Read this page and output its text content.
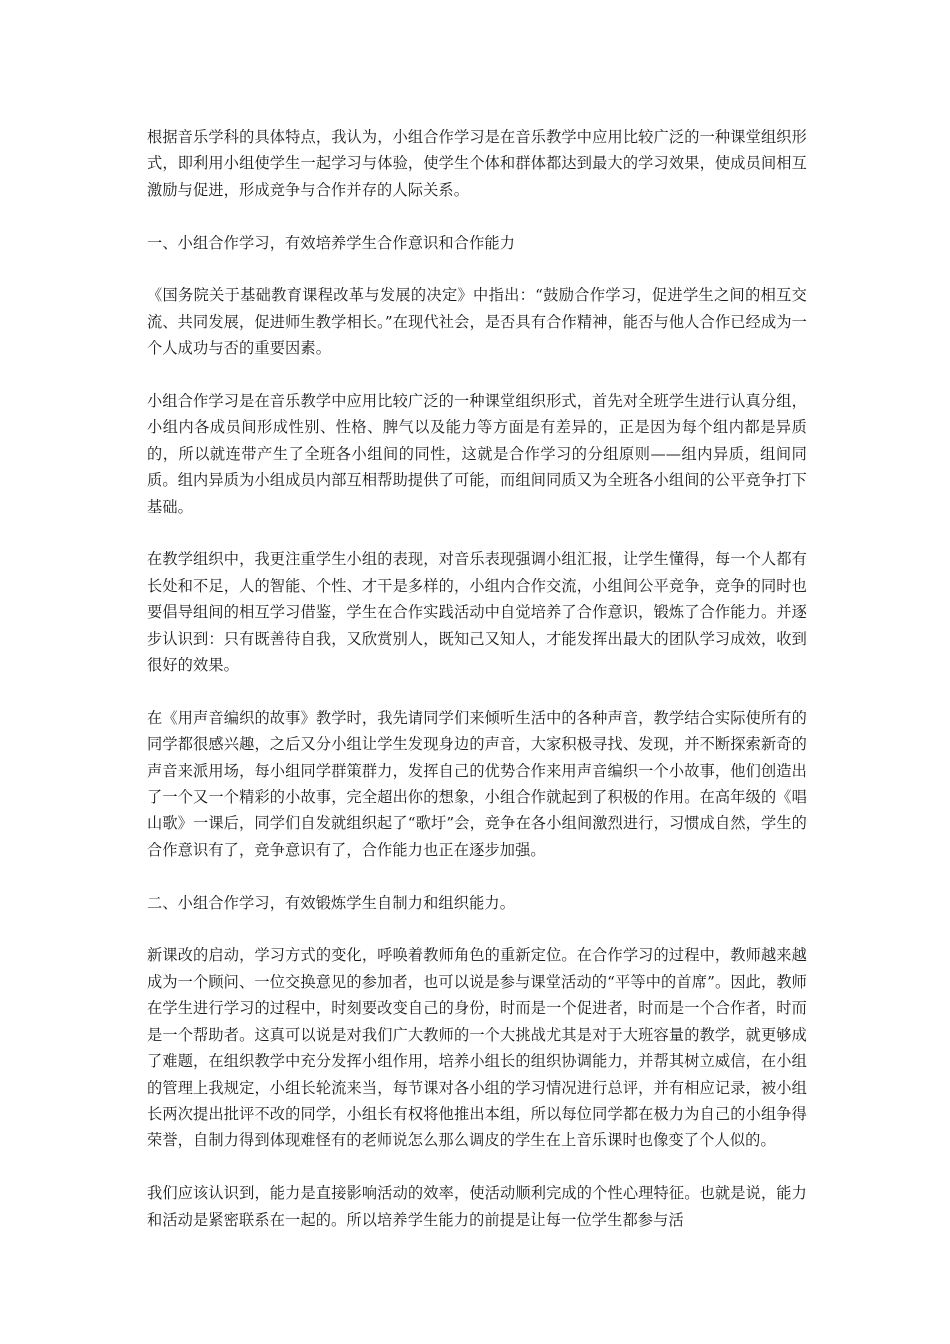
根据音乐学科的具体特点，我认为，小组合作学习是在音乐教学中应用比较广泛的一种课堂组织形式，即利用小组使学生一起学习与体验，使学生个体和群体都达到最大的学习效果，使成员间相互激励与促进，形成竞争与合作并存的人际关系。

一、小组合作学习，有效培养学生合作意识和合作能力

《国务院关于基础教育课程改革与发展的决定》中指出：“鼓励合作学习，促进学生之间的相互交流、共同发展，促进师生教学相长。”在现代社会，是否具有合作精神，能否与他人合作已经成为一个人成功与否的重要因素。

小组合作学习是在音乐教学中应用比较广泛的一种课堂组织形式，首先对全班学生进行认真分组，小组内各成员间形成性别、性格、脾气以及能力等方面是有差异的，正是因为每个组内都是异质的，所以就连带产生了全班各小组间的同性，这就是合作学习的分组原则——组内异质，组间同质。组内异质为小组成员内部互相帮助提供了可能，而组间同质又为全班各小组间的公平竞争打下基础。

在教学组织中，我更注重学生小组的表现，对音乐表现强调小组汇报，让学生懂得，每一个人都有长处和不足，人的智能、个性、才干是多样的，小组内合作交流，小组间公平竞争，竞争的同时也要倡导组间的相互学习借鉴，学生在合作实践活动中自觉培养了合作意识，锻炼了合作能力。并逐步认识到：只有既善待自我，又欣赏别人，既知己又知人，才能发挥出最大的团队学习成效，收到很好的效果。

在《用声音编织的故事》教学时，我先请同学们来倾听生活中的各种声音，教学结合实际使所有的同学都很感兴趣，之后又分小组让学生发现身边的声音，大家积极寻找、发现，并不断探索新奇的声音来派用场，每小组同学群策群力，发挥自己的优势合作来用声音编织一个小故事，他们创造出了一个又一个精彩的小故事，完全超出你的想象，小组合作就起到了积极的作用。在高年级的《唱山歌》一课后，同学们自发就组织起了“歌圩”会，竞争在各小组间激烈进行，习惯成自然，学生的合作意识有了，竞争意识有了，合作能力也正在逐步加强。

二、小组合作学习，有效锻炼学生自制力和组织能力。

新课改的启动，学习方式的变化，呼唤着教师角色的重新定位。在合作学习的过程中，教师越来越成为一个顾问、一位交换意见的参加者，也可以说是参与课堂活动的“平等中的首席”。因此，教师在学生进行学习的过程中，时刻要改变自己的身份，时而是一个促进者，时而是一个合作者，时而是一个帮助者。这真可以说是对我们广大教师的一个大挑战尤其是对于大班容量的教学，就更够成了难题，在组织教学中充分发挥小组作用，培养小组长的组织协调能力，并帮其树立威信，在小组的管理上我规定，小组长轮流来当，每节课对各小组的学习情况进行总评，并有相应记录，被小组长两次提出批评不改的同学，小组长有权将他推出本组，所以每位同学都在极力为自己的小组争得荣誉，自制力得到体现难怪有的老师说怎么那么调皮的学生在上音乐课时也像变了个人似的。

我们应该认识到，能力是直接影响活动的效率，使活动顺利完成的个性心理特征。也就是说，能力和活动是紧密联系在一起的。所以培养学生能力的前提是让每一位学生都参与活
